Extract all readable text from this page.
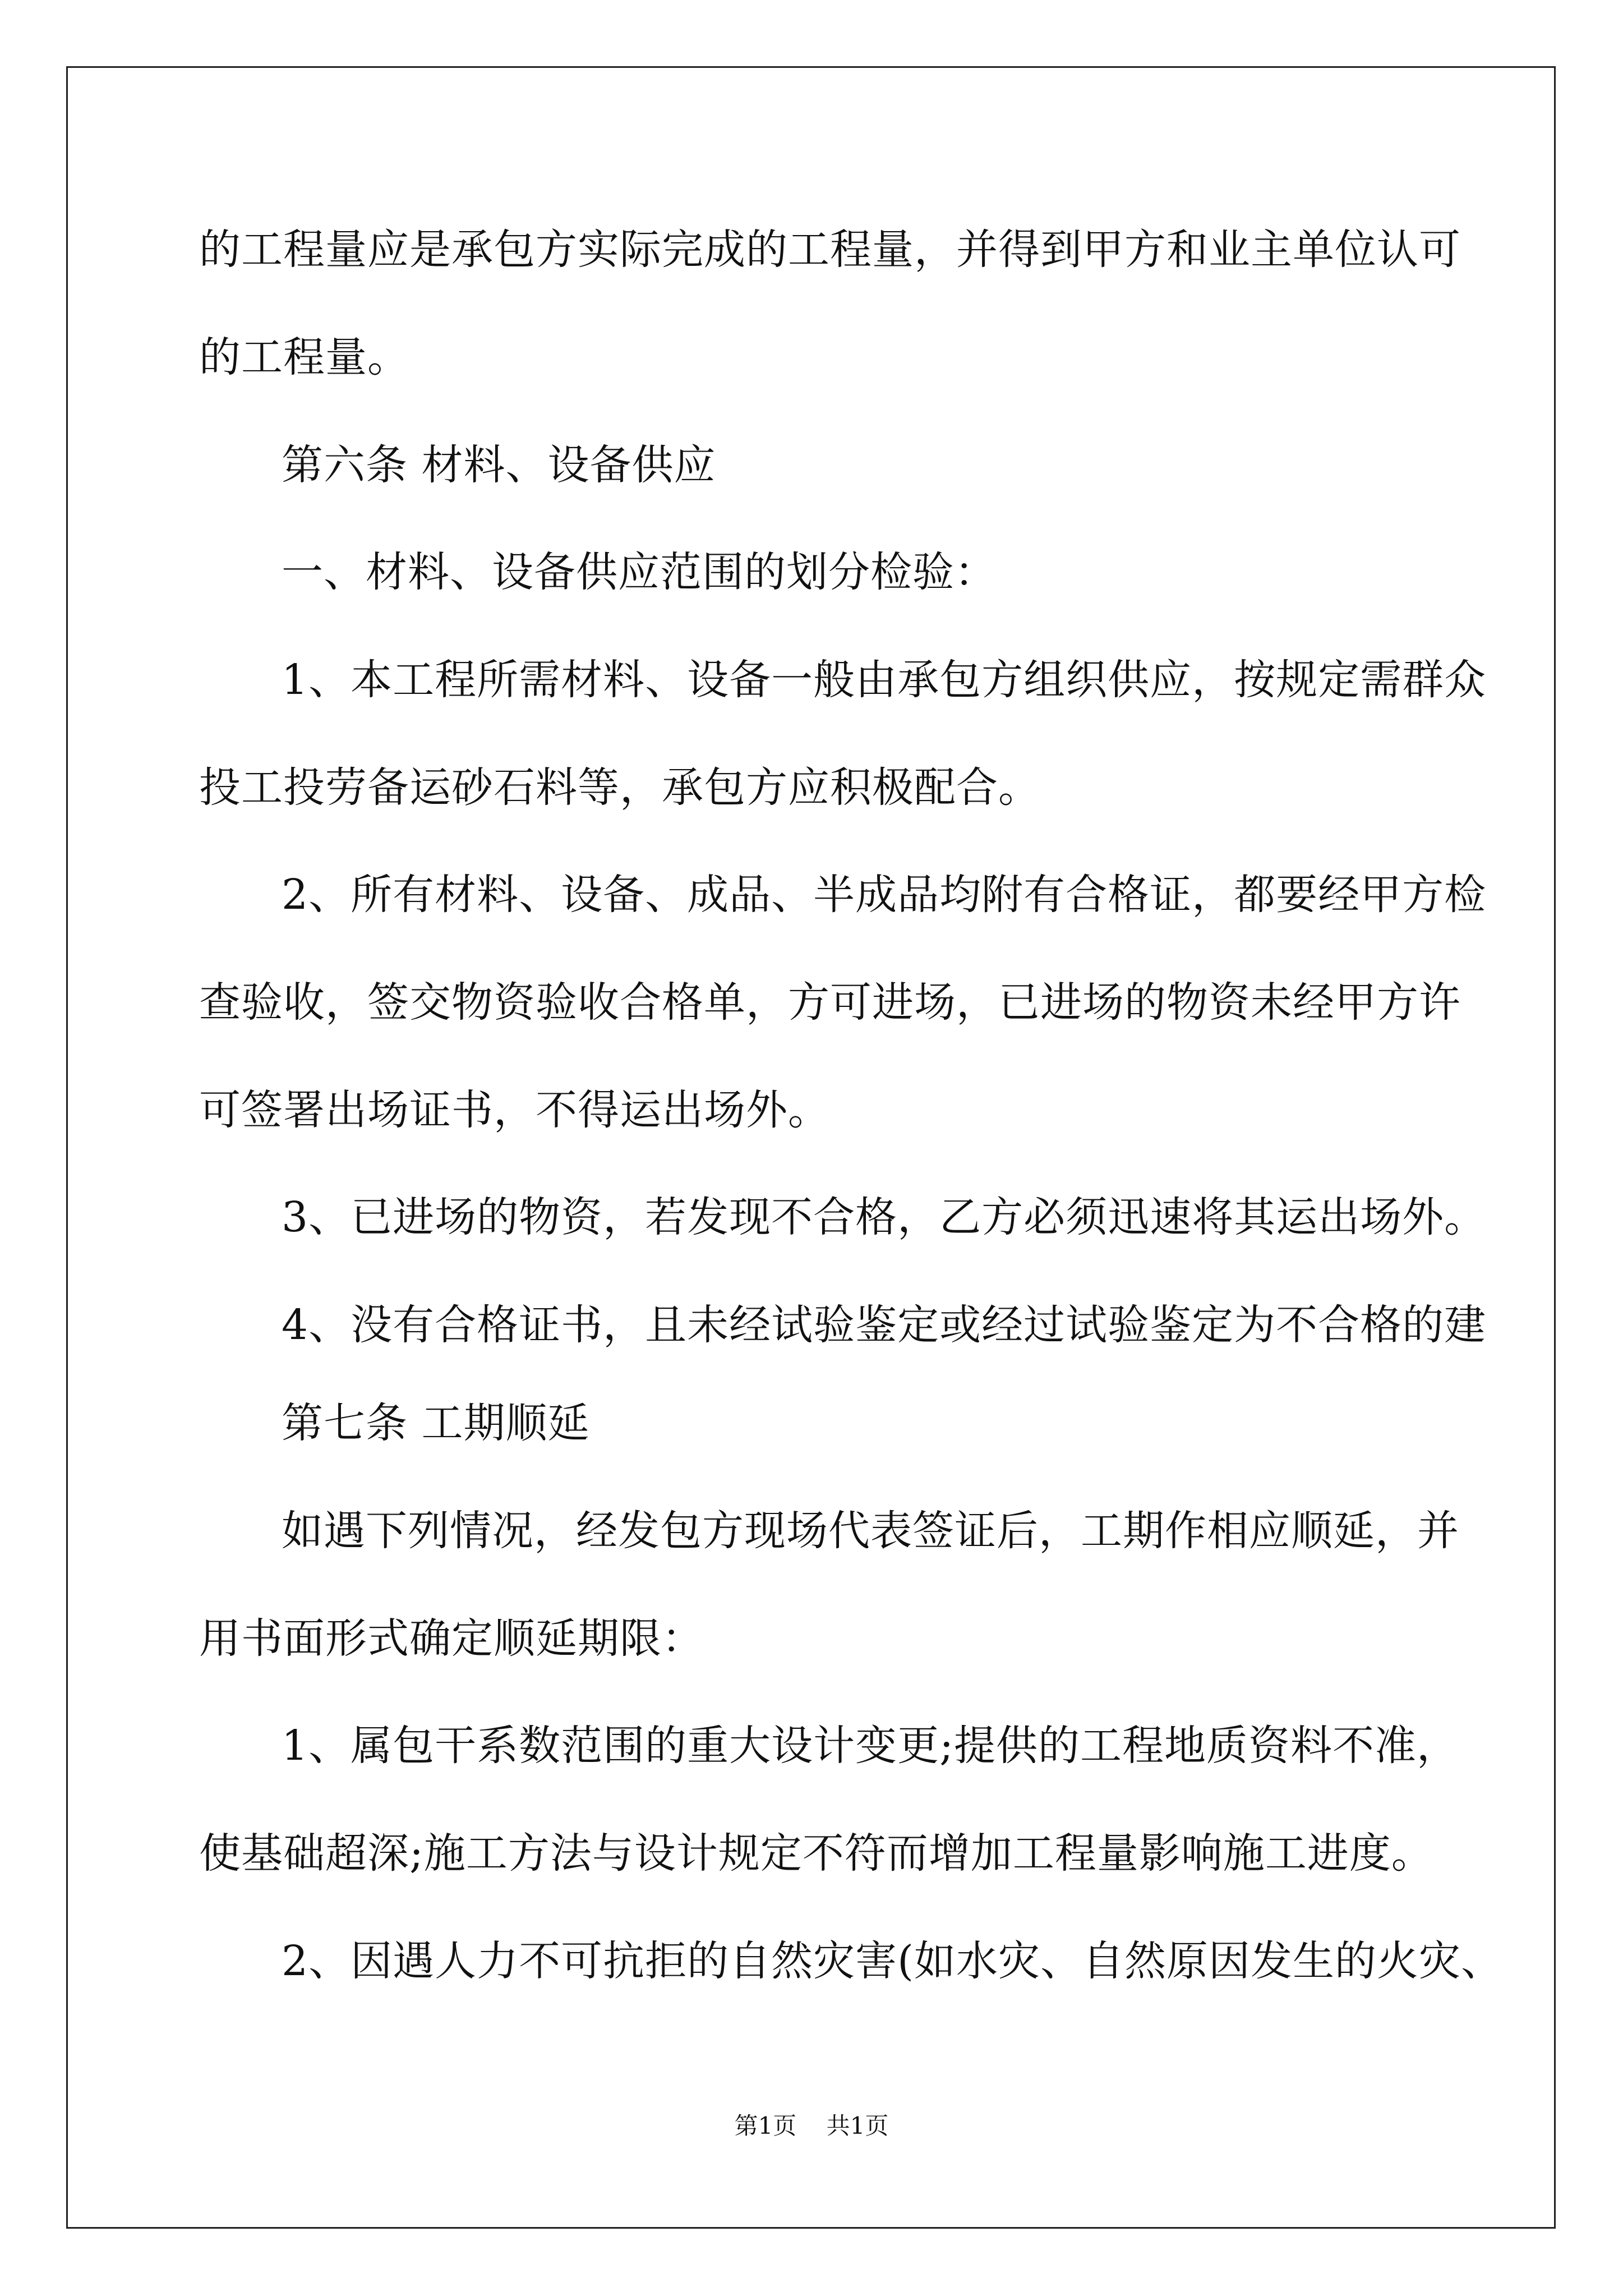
的工程量应是承包方实际完成的工程量，并得到甲方和业主单位认可
的工程量。
第六条 材料、设备供应
一、材料、设备供应范围的划分检验：
1、本工程所需材料、设备一般由承包方组织供应，按规定需群众
投工投劳备运砂石料等，承包方应积极配合。
2、所有材料、设备、成品、半成品均附有合格证，都要经甲方检
查验收，签交物资验收合格单，方可进场，已进场的物资未经甲方许
可签署出场证书，不得运出场外。
3、已进场的物资，若发现不合格，乙方必须迅速将其运出场外。
4、没有合格证书，且未经试验鉴定或经过试验鉴定为不合格的建
第七条 工期顺延
如遇下列情况，经发包方现场代表签证后，工期作相应顺延，并
用书面形式确定顺延期限：
1、属包干系数范围的重大设计变更;提供的工程地质资料不准，
使基础超深;施工方法与设计规定不符而增加工程量影响施工进度。
2、因遇人力不可抗拒的自然灾害(如水灾、自然原因发生的火灾、
第1页    共1页
